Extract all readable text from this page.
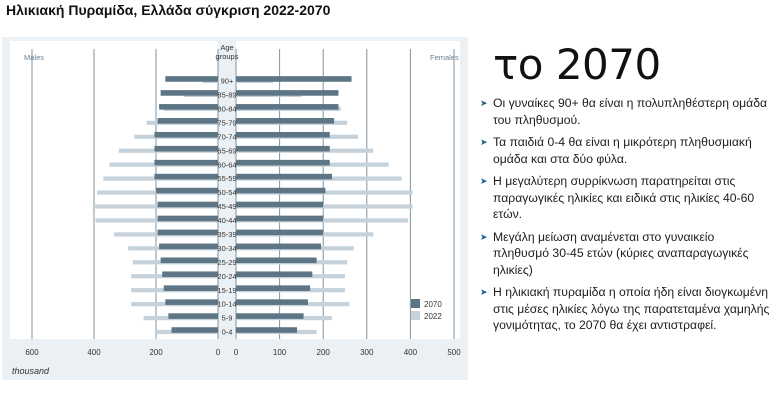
Ηλικιακή Πυραμίδα, Ελλάδα σύγκριση 2022-2070
Males	Females
Age
groups
90+
85-89
80-84
75-79
70-74
65-69
60-64
55-59
50-54
45-49
40-44
35-39
30-34
25-29
20-24
15-19
10-14
5-9
0-4
600	400	200	0 0	100	200	300	400	500
2070
2022
thousand
το 2070
➤ Οι γυναίκες 90+ θα είναι η πολυπληθέστερη ομάδα του πληθυσμού.
➤ Τα παιδιά 0-4 θα είναι η μικρότερη πληθυσμιακή ομάδα και στα δύο φύλα.
➤ Η μεγαλύτερη συρρίκνωση παρατηρείται στις παραγωγικές ηλικίες και ειδικά στις ηλικίες 40-60 ετών.
➤ Μεγάλη μείωση αναμένεται στο γυναικείο πληθυσμό 30-45 ετών (κύριες αναπαραγωγικές ηλικίες)
➤ Η ηλικιακή πυραμίδα η οποία ήδη είναι διογκωμένη στις μέσες ηλικίες λόγω της παρατεταμένα χαμηλής γονιμότητας, το 2070 θα έχει αντιστραφεί.
